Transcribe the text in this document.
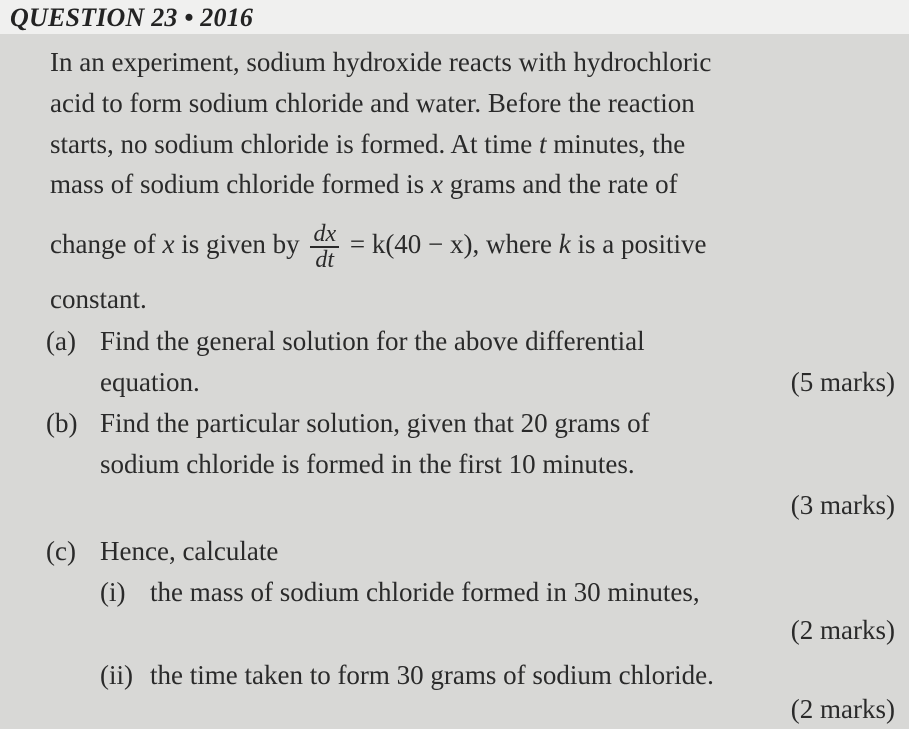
QUESTION 23 • 2016
In an experiment, sodium hydroxide reacts with hydrochloric
acid to form sodium chloride and water. Before the reaction
starts, no sodium chloride is formed. At time t minutes, the
mass of sodium chloride formed is x grams and the rate of
change of x is given by $\frac{dx}{dt} = k(40 - x)$, where k is a positive
constant.
(a) Find the general solution for the above differential
equation.	(5 marks)
(b) Find the particular solution, given that 20 grams of
sodium chloride is formed in the first 10 minutes.
(3 marks)
(c) Hence, calculate
(i) the mass of sodium chloride formed in 30 minutes,
(2 marks)
(ii) the time taken to form 30 grams of sodium chloride.
(2 marks)
